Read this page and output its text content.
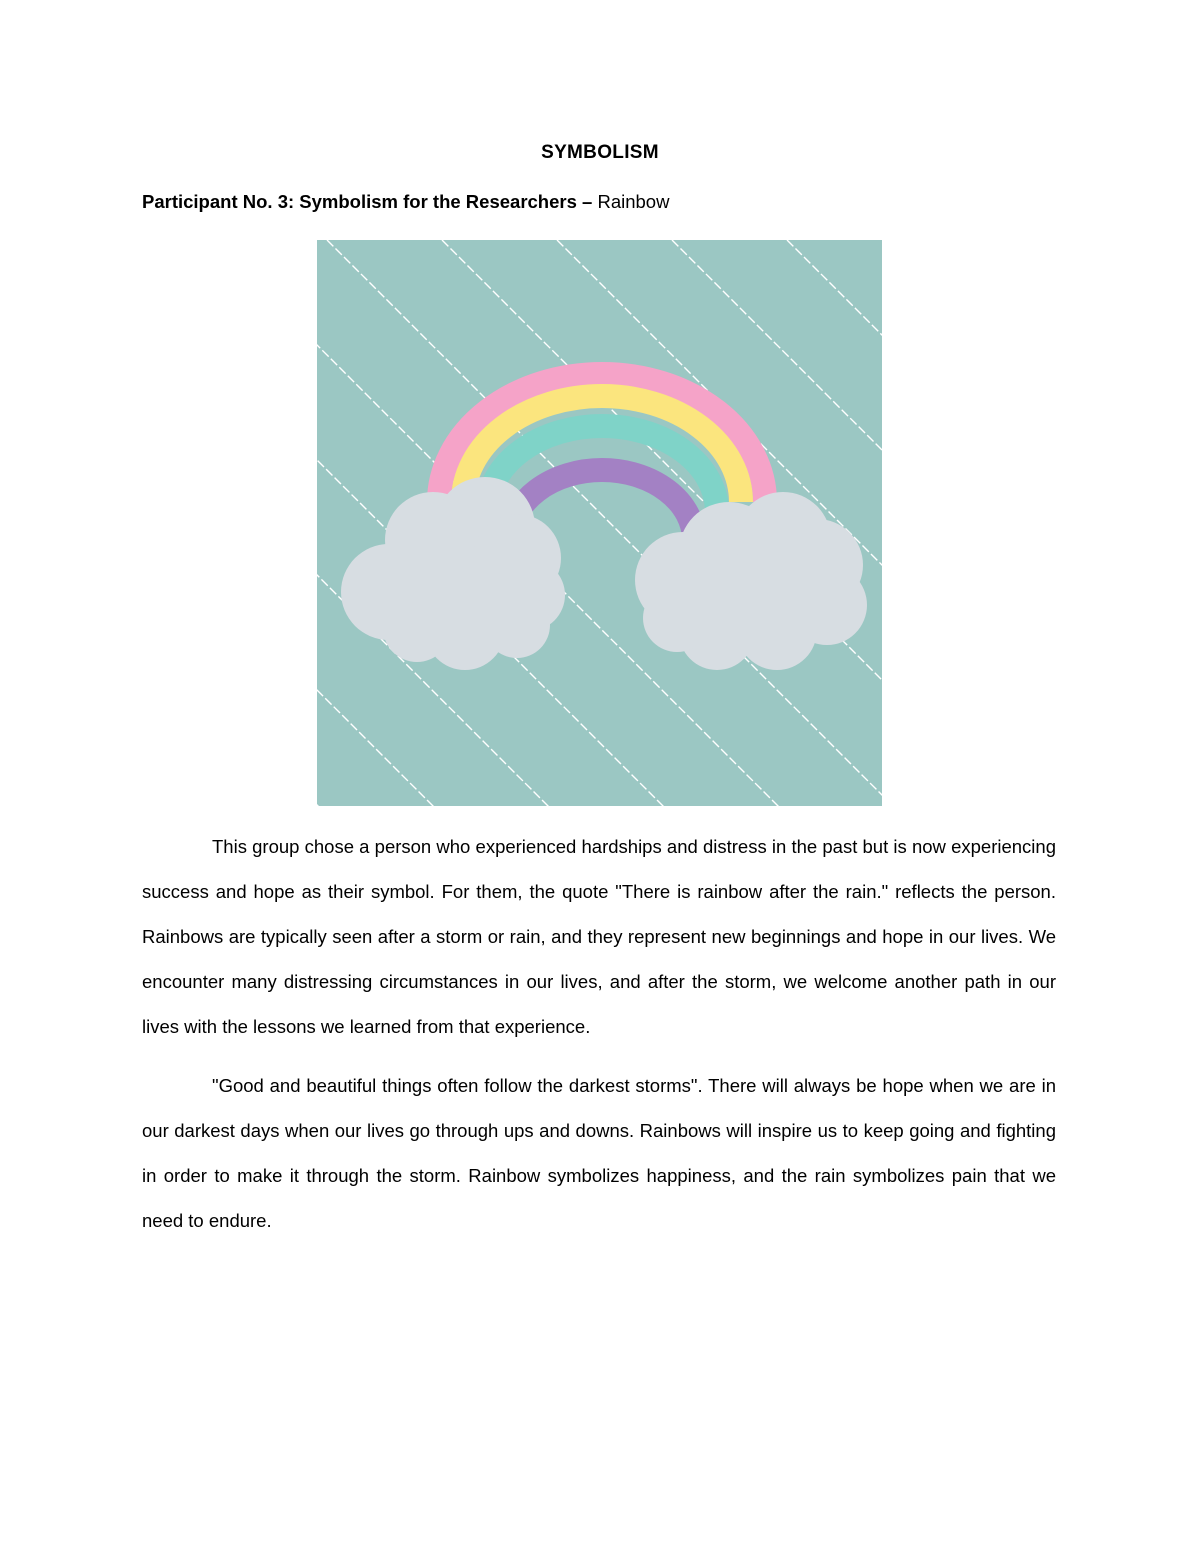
SYMBOLISM
Participant No. 3: Symbolism for the Researchers – Rainbow

This group chose a person who experienced hardships and distress in the past but is now experiencing success and hope as their symbol. For them, the quote "There is rainbow after the rain." reflects the person. Rainbows are typically seen after a storm or rain, and they represent new beginnings and hope in our lives. We encounter many distressing circumstances in our lives, and after the storm, we welcome another path in our lives with the lessons we learned from that experience.

"Good and beautiful things often follow the darkest storms". There will always be hope when we are in our darkest days when our lives go through ups and downs. Rainbows will inspire us to keep going and fighting in order to make it through the storm. Rainbow symbolizes happiness, and the rain symbolizes pain that we need to endure.
